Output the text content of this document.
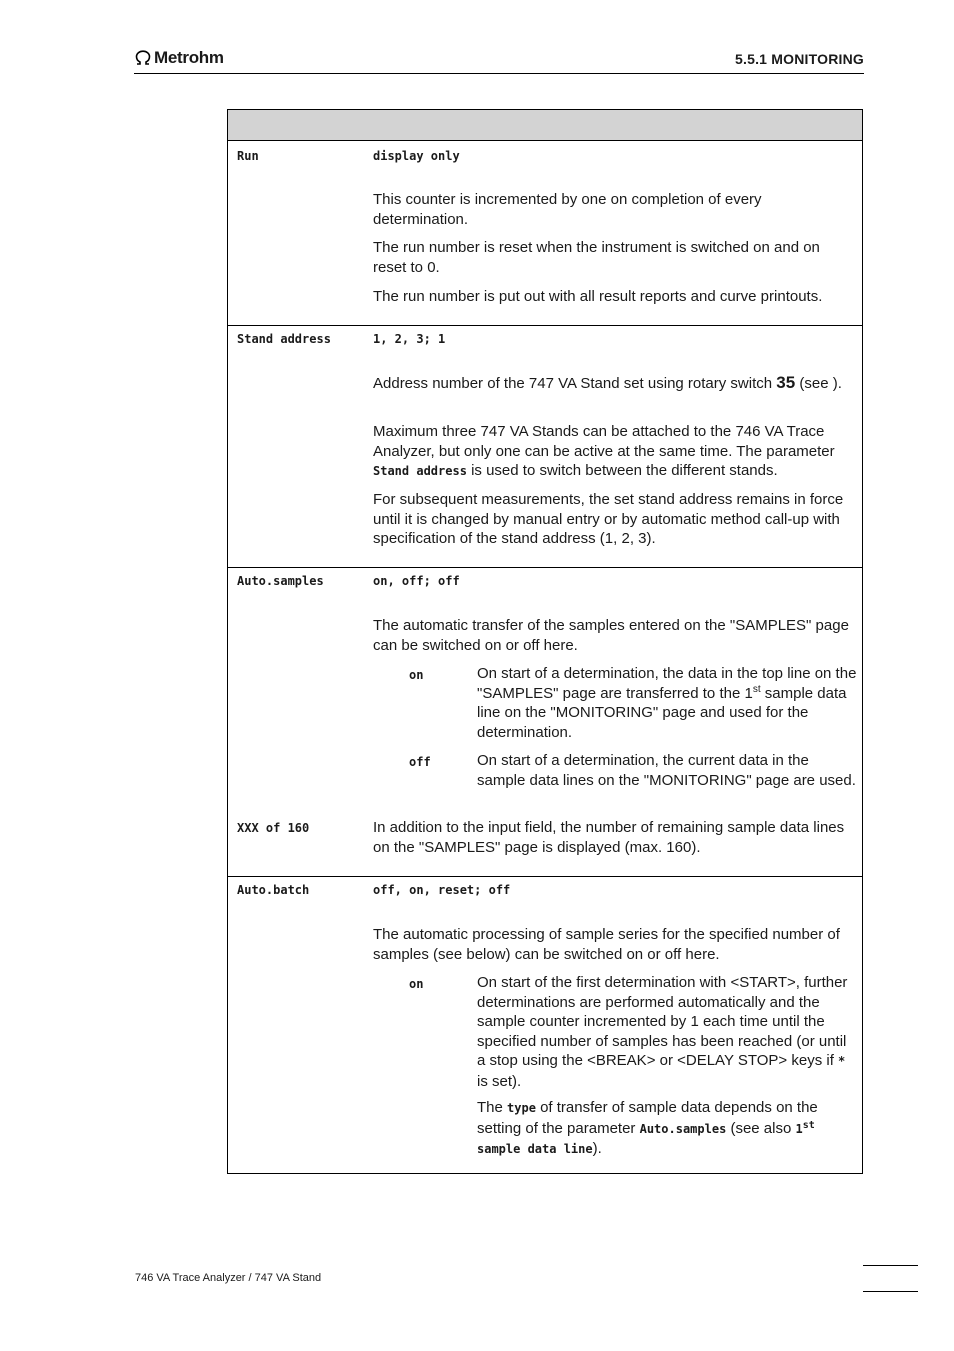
Metrohm	5.5.1 MONITORING
Run	display only
This counter is incremented by one on completion of every determination.
The run number is reset when the instrument is switched on and on reset to 0.
The run number is put out with all result reports and curve printouts.
Stand address	1, 2, 3; 1
Address number of the 747 VA Stand set using rotary switch 35 (see ).
Maximum three 747 VA Stands can be attached to the 746 VA Trace Analyzer, but only one can be active at the same time. The parameter Stand address is used to switch between the different stands.
For subsequent measurements, the set stand address remains in force until it is changed by manual entry or by automatic method call-up with specification of the stand address (1, 2, 3).
Auto.samples	on, off; off
The automatic transfer of the samples entered on the "SAMPLES" page can be switched on or off here.
on	On start of a determination, the data in the top line on the "SAMPLES" page are transferred to the 1st sample data line on the "MONITORING" page and used for the determination.
off	On start of a determination, the current data in the sample data lines on the "MONITORING" page are used.
XXX of 160	In addition to the input field, the number of remaining sample data lines on the "SAMPLES" page is displayed (max. 160).
Auto.batch	off, on, reset; off
The automatic processing of sample series for the specified number of samples (see below) can be switched on or off here.
on	On start of the first determination with <START>, further determinations are performed automatically and the sample counter incremented by 1 each time until the specified number of samples has been reached (or until a stop using the <BREAK> or <DELAY STOP> keys if * is set).
The type of transfer of sample data depends on the setting of the parameter Auto.samples (see also 1st sample data line).
746 VA Trace Analyzer / 747 VA Stand
